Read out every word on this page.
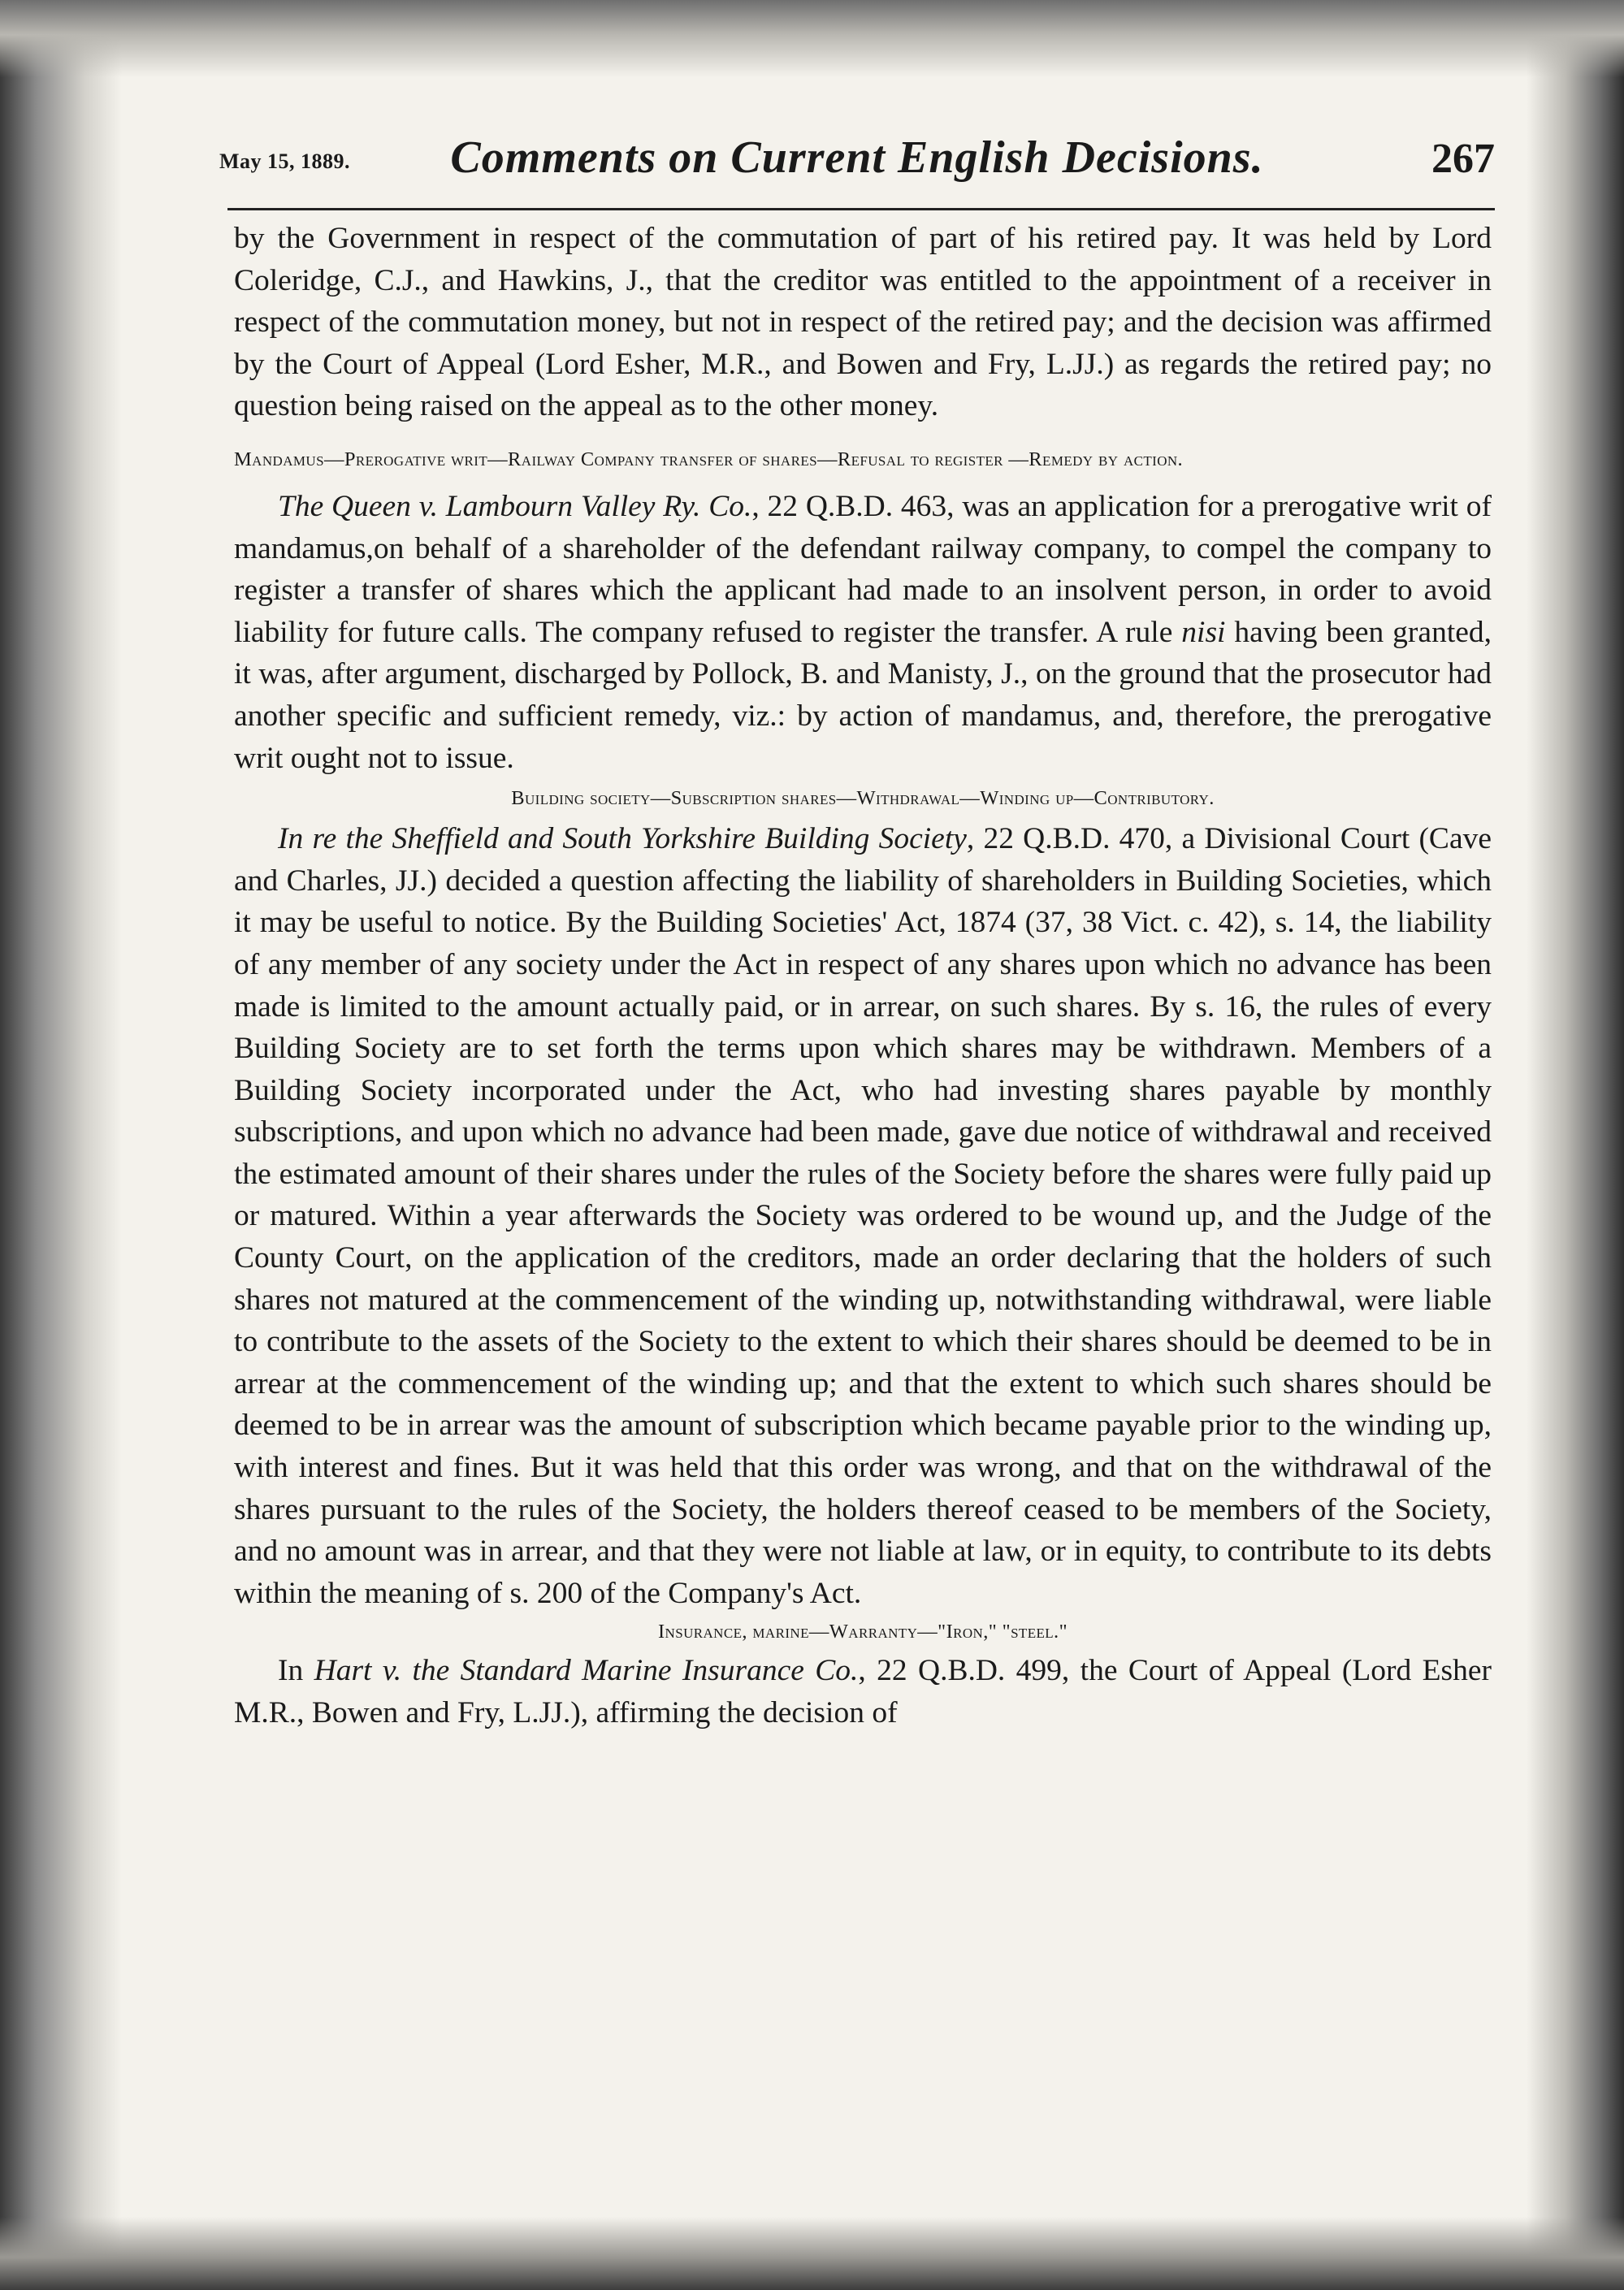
May 15, 1889.	Comments on Current English Decisions.	267

by the Government in respect of the commutation of part of his retired pay. It was held by Lord Coleridge, C.J., and Hawkins, J., that the creditor was entitled to the appointment of a receiver in respect of the commutation money, but not in respect of the retired pay; and the decision was affirmed by the Court of Appeal (Lord Esher, M.R., and Bowen and Fry, L.JJ.) as regards the retired pay; no question being raised on the appeal as to the other money.

Mandamus—Prerogative writ—Railway Company transfer of shares—Refusal to register —Remedy by action.

The Queen v. Lambourn Valley Ry. Co., 22 Q.B.D. 463, was an application for a prerogative writ of mandamus,on behalf of a shareholder of the defendant railway company, to compel the company to register a transfer of shares which the applicant had made to an insolvent person, in order to avoid liability for future calls. The company refused to register the transfer. A rule nisi having been granted, it was, after argument, discharged by Pollock, B. and Manisty, J., on the ground that the prosecutor had another specific and sufficient remedy, viz.: by action of mandamus, and, therefore, the prerogative writ ought not to issue.

Building society—Subscription shares—Withdrawal—Winding up—Contributory.

In re the Sheffield and South Yorkshire Building Society, 22 Q.B.D. 470, a Divisional Court (Cave and Charles, JJ.) decided a question affecting the liability of shareholders in Building Societies, which it may be useful to notice. By the Building Societies' Act, 1874 (37, 38 Vict. c. 42), s. 14, the liability of any member of any society under the Act in respect of any shares upon which no advance has been made is limited to the amount actually paid, or in arrear, on such shares. By s. 16, the rules of every Building Society are to set forth the terms upon which shares may be withdrawn. Members of a Building Society incorporated under the Act, who had investing shares payable by monthly subscriptions, and upon which no advance had been made, gave due notice of withdrawal and received the estimated amount of their shares under the rules of the Society before the shares were fully paid up or matured. Within a year afterwards the Society was ordered to be wound up, and the Judge of the County Court, on the application of the creditors, made an order declaring that the holders of such shares not matured at the commencement of the winding up, notwithstanding withdrawal, were liable to contribute to the assets of the Society to the extent to which their shares should be deemed to be in arrear at the commencement of the winding up; and that the extent to which such shares should be deemed to be in arrear was the amount of subscription which became payable prior to the winding up, with interest and fines. But it was held that this order was wrong, and that on the withdrawal of the shares pursuant to the rules of the Society, the holders thereof ceased to be members of the Society, and no amount was in arrear, and that they were not liable at law, or in equity, to contribute to its debts within the meaning of s. 200 of the Company's Act.

Insurance, marine—Warranty—"Iron," "steel."

In Hart v. the Standard Marine Insurance Co., 22 Q.B.D. 499, the Court of Appeal (Lord Esher M.R., Bowen and Fry, L.JJ.), affirming the decision of
